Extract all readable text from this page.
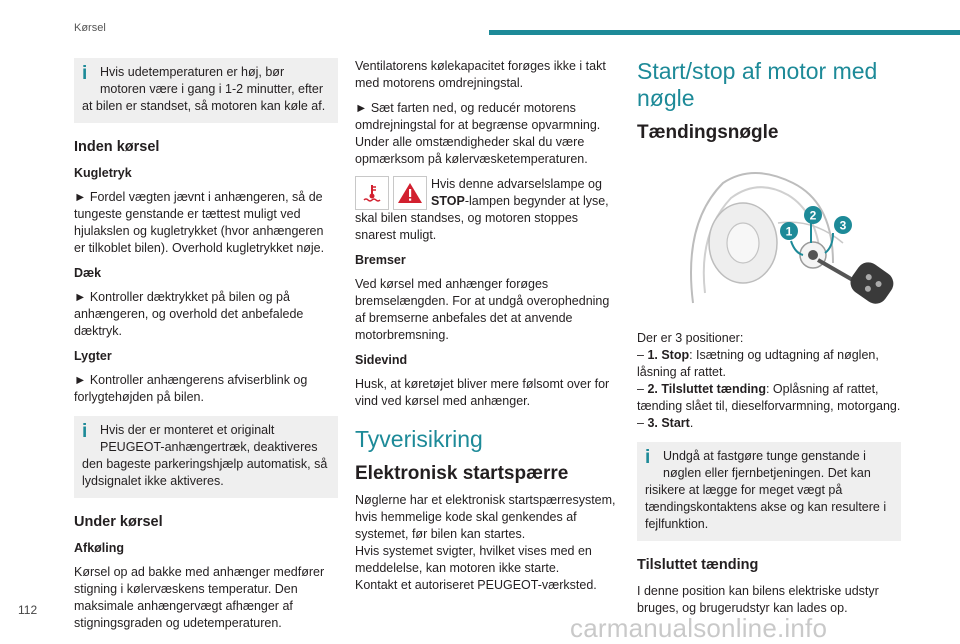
Kørsel
i	Hvis udetemperaturen er høj, bør motoren være i gang i 1-2 minutter, efter at bilen er standset, så motoren kan køle af.
Inden kørsel
Kugletryk

► Fordel vægten jævnt i anhængeren, så de tungeste genstande er tættest muligt ved hjulakslen og kugletrykket (hvor anhængeren er tilkoblet bilen). Overhold kugletrykket nøje.

Dæk

► Kontroller dæktrykket på bilen og på anhængeren, og overhold det anbefalede dæktryk.

Lygter

► Kontroller anhængerens afviserblink og forlygtehøjden på bilen.

i	Hvis der er monteret et originalt PEUGEOT-anhængertræk, deaktiveres den bageste parkeringshjælp automatisk, så lydsignalet ikke aktiveres.
Under kørsel
Afkøling

Kørsel op ad bakke med anhænger medfører stigning i kølervæskens temperatur. Den maksimale anhængervægt afhænger af stigningsgraden og udetemperaturen.

Ventilatorens kølekapacitet forøges ikke i takt med motorens omdrejningstal.

► Sæt farten ned, og reducér motorens omdrejningstal for at begrænse opvarmning. Under alle omstændigheder skal du være opmærksom på kølervæsketemperaturen.

Hvis denne advarselslampe og STOP-lampen begynder at lyse, skal bilen standses, og motoren stoppes snarest muligt.
Bremser

Ved kørsel med anhænger forøges bremselængden. For at undgå overophedning af bremserne anbefales det at anvende motorbremsning.

Sidevind

Husk, at køretøjet bliver mere følsomt over for vind ved kørsel med anhænger.

Tyverisikring
Elektronisk startspærre

Nøglerne har et elektronisk startspærresystem, hvis hemmelige kode skal genkendes af systemet, før bilen kan startes.

Hvis systemet svigter, hvilket vises med en meddelelse, kan motoren ikke starte.

Kontakt et autoriseret PEUGEOT-værksted.

Start/stop af motor med nøgle
Tændingsnøgle
1
2
3
Der er 3 positioner:
– 1. Stop: Isætning og udtagning af nøglen, låsning af rattet.
– 2. Tilsluttet tænding: Oplåsning af rattet, tænding slået til, dieselforvarmning, motorgang.
– 3. Start.
i	Undgå at fastgøre tunge genstande i nøglen eller fjernbetjeningen. Det kan risikere at lægge for meget vægt på tændingskontaktens akse og kan resultere i fejlfunktion.
Tilsluttet tænding

I denne position kan bilens elektriske udstyr bruges, og brugerudstyr kan lades op.

112
carmanualsonline.info
